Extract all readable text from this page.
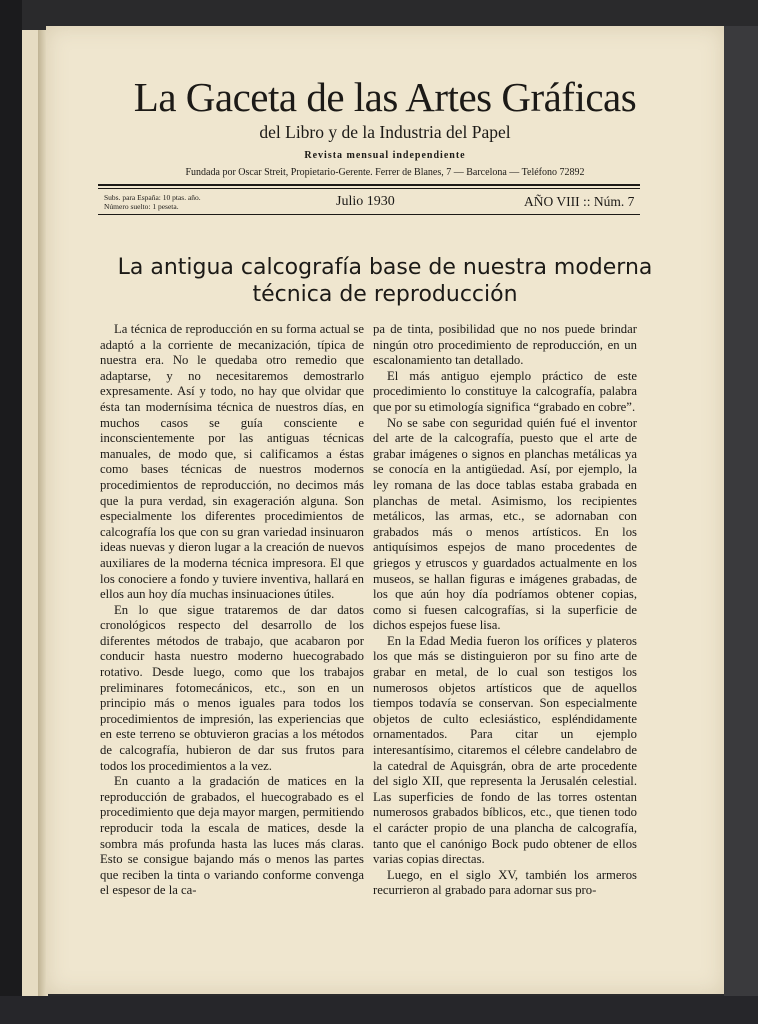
La Gaceta de las Artes Gráficas
del Libro y de la Industria del Papel
Revista mensual independiente
Fundada por Oscar Streit, Propietario-Gerente. Ferrer de Blanes, 7 — Barcelona — Teléfono 72892
Subs. para España: 10 ptas. año.
Número suelto: 1 peseta.	Julio 1930	AÑO VIII :: Núm. 7
La antigua calcografía base de nuestra moderna
técnica de reproducción

La técnica de reproducción en su forma actual se adaptó a la corriente de mecanización, típica de nuestra era. No le quedaba otro remedio que adaptarse, y no necesitaremos demostrarlo expresamente. Así y todo, no hay que olvidar que ésta tan modernísima técnica de nuestros días, en muchos casos se guía consciente e inconscientemente por las antiguas técnicas manuales, de modo que, si calificamos a éstas como bases técnicas de nuestros modernos procedimientos de reproducción, no decimos más que la pura verdad, sin exageración alguna. Son especialmente los diferentes procedimientos de calcografía los que con su gran variedad insinuaron ideas nuevas y dieron lugar a la creación de nuevos auxiliares de la moderna técnica impresora. El que los conociere a fondo y tuviere inventiva, hallará en ellos aun hoy día muchas insinuaciones útiles.

En lo que sigue trataremos de dar datos cronológicos respecto del desarrollo de los diferentes métodos de trabajo, que acabaron por conducir hasta nuestro moderno huecograbado rotativo. Desde luego, como que los trabajos preliminares fotomecánicos, etc., son en un principio más o menos iguales para todos los procedimientos de impresión, las experiencias que en este terreno se obtuvieron gracias a los métodos de calcografía, hubieron de dar sus frutos para todos los procedimientos a la vez.

En cuanto a la gradación de matices en la reproducción de grabados, el huecograbado es el procedimiento que deja mayor margen, permitiendo reproducir toda la escala de matices, desde la sombra más profunda hasta las luces más claras. Esto se consigue bajando más o menos las partes que reciben la tinta o variando conforme convenga el espesor de la ca-

pa de tinta, posibilidad que no nos puede brindar ningún otro procedimiento de reproducción, en un escalonamiento tan detallado.

El más antiguo ejemplo práctico de este procedimiento lo constituye la calcografía, palabra que por su etimología significa “grabado en cobre”.

No se sabe con seguridad quién fué el inventor del arte de la calcografía, puesto que el arte de grabar imágenes o signos en planchas metálicas ya se conocía en la antigüedad. Así, por ejemplo, la ley romana de las doce tablas estaba grabada en planchas de metal. Asimismo, los recipientes metálicos, las armas, etc., se adornaban con grabados más o menos artísticos. En los antiquísimos espejos de mano procedentes de griegos y etruscos y guardados actualmente en los museos, se hallan figuras e imágenes grabadas, de los que aún hoy día podríamos obtener copias, como si fuesen calcografías, si la superficie de dichos espejos fuese lisa.

En la Edad Media fueron los orífices y plateros los que más se distinguieron por su fino arte de grabar en metal, de lo cual son testigos los numerosos objetos artísticos que de aquellos tiempos todavía se conservan. Son especialmente objetos de culto eclesiástico, espléndidamente ornamentados. Para citar un ejemplo interesantísimo, citaremos el célebre candelabro de la catedral de Aquisgrán, obra de arte procedente del siglo XII, que representa la Jerusalén celestial. Las superficies de fondo de las torres ostentan numerosos grabados bíblicos, etc., que tienen todo el carácter propio de una plancha de calcografía, tanto que el canónigo Bock pudo obtener de ellos varias copias directas.

Luego, en el siglo XV, también los armeros recurrieron al grabado para adornar sus pro-
